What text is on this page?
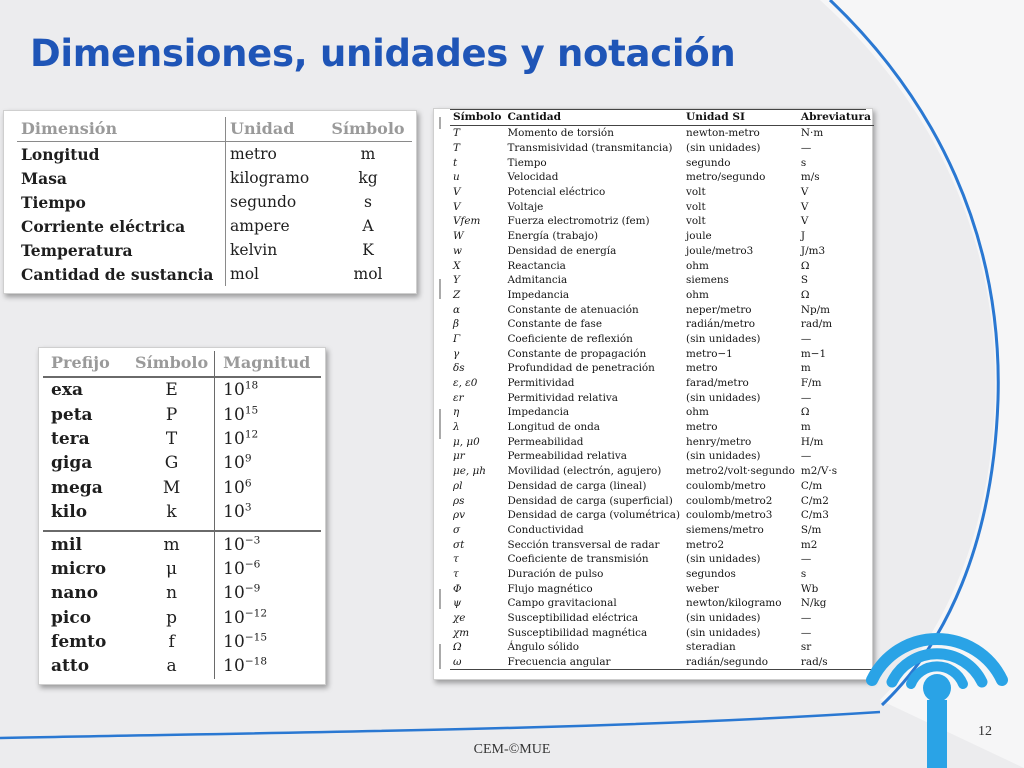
Dimensiones, unidades y notación
Dimensión	Unidad	Símbolo
Longitud	metro	m
Masa	kilogramo	kg
Tiempo	segundo	s
Corriente eléctrica	ampere	A
Temperatura	kelvin	K
Cantidad de sustancia	mol	mol
Prefijo	Símbolo	Magnitud
exa	E	$10^{18}$
peta	P	$10^{15}$
tera	T	$10^{12}$
giga	G	$10^9$
mega	M	$10^6$
kilo	k	$10^3$

mil	m	$10^{-3}$
micro	μ	$10^{-6}$
nano	n	$10^{-9}$
pico	p	$10^{-12}$
femto	f	$10^{-15}$
atto	a	$10^{-18}$
Símbolo	Cantidad	Unidad SI	Abreviatura
T	Momento de torsión	newton-metro	N·m
T	Transmisividad (transmitancia)	(sin unidades)	—
t	Tiempo	segundo	s
u	Velocidad	metro/segundo	m/s
V	Potencial eléctrico	volt	V
V	Voltaje	volt	V
Vfem	Fuerza electromotriz (fem)	volt	V
W	Energía (trabajo)	joule	J
w	Densidad de energía	joule/metro3	J/m3
X	Reactancia	ohm	Ω
Y	Admitancia	siemens	S
Z	Impedancia	ohm	Ω
α	Constante de atenuación	neper/metro	Np/m
β	Constante de fase	radián/metro	rad/m
Γ	Coeficiente de reflexión	(sin unidades)	—
γ	Constante de propagación	metro−1	m−1
δs	Profundidad de penetración	metro	m
ε, ε0	Permitividad	farad/metro	F/m
εr	Permitividad relativa	(sin unidades)	—
η	Impedancia	ohm	Ω
λ	Longitud de onda	metro	m
μ, μ0	Permeabilidad	henry/metro	H/m
μr	Permeabilidad relativa	(sin unidades)	—
μe, μh	Movilidad (electrón, agujero)	metro2/volt·segundo	m2/V·s
ρl	Densidad de carga (lineal)	coulomb/metro	C/m
ρs	Densidad de carga (superficial)	coulomb/metro2	C/m2
ρv	Densidad de carga (volumétrica)	coulomb/metro3	C/m3
σ	Conductividad	siemens/metro	S/m
σt	Sección transversal de radar	metro2	m2
τ	Coeficiente de transmisión	(sin unidades)	—
τ	Duración de pulso	segundos	s
Φ	Flujo magnético	weber	Wb
ψ	Campo gravitacional	newton/kilogramo	N/kg
χe	Susceptibilidad eléctrica	(sin unidades)	—
χm	Susceptibilidad magnética	(sin unidades)	—
Ω	Ángulo sólido	steradian	sr
ω	Frecuencia angular	radián/segundo	rad/s
12
CEM-©MUE
